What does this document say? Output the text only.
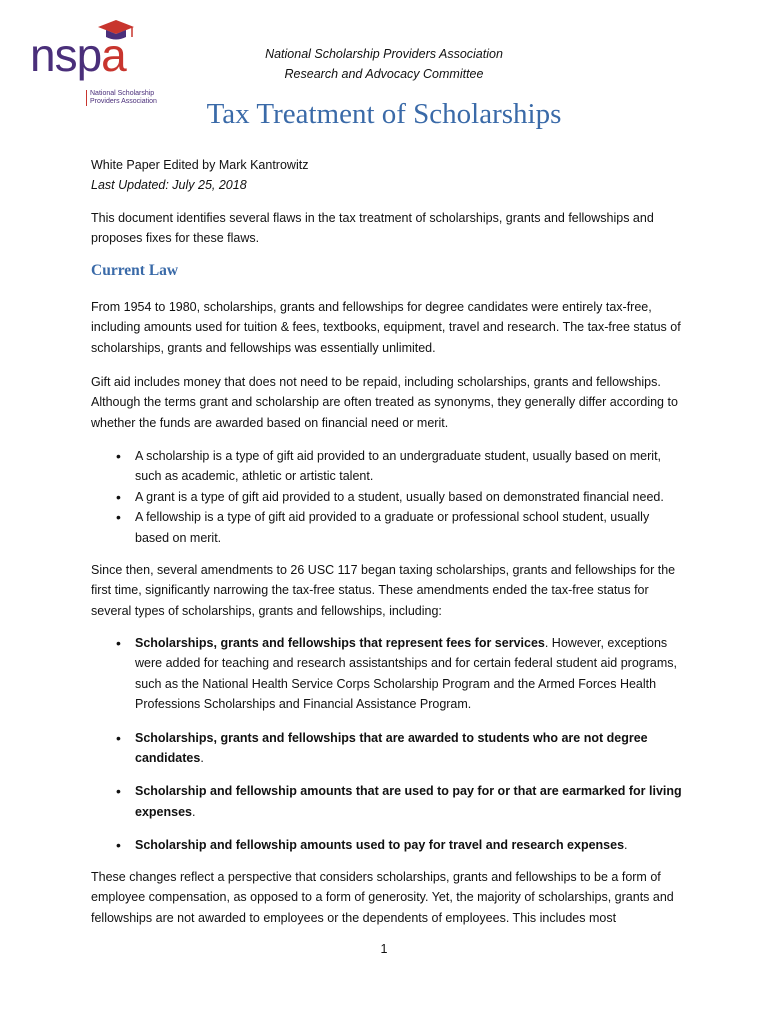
nspa
National Scholarship
Providers Association
National Scholarship Providers Association
Research and Advocacy Committee
Tax Treatment of Scholarships

White Paper Edited by Mark Kantrowitz

Last Updated: July 25, 2018

This document identifies several flaws in the tax treatment of scholarships, grants and fellowships and proposes fixes for these flaws.

Current Law

From 1954 to 1980, scholarships, grants and fellowships for degree candidates were entirely tax-free, including amounts used for tuition & fees, textbooks, equipment, travel and research. The tax-free status of scholarships, grants and fellowships was essentially unlimited.

Gift aid includes money that does not need to be repaid, including scholarships, grants and fellowships. Although the terms grant and scholarship are often treated as synonyms, they generally differ according to whether the funds are awarded based on financial need or merit.

• A scholarship is a type of gift aid provided to an undergraduate student, usually based on merit, such as academic, athletic or artistic talent.
• A grant is a type of gift aid provided to a student, usually based on demonstrated financial need.
• A fellowship is a type of gift aid provided to a graduate or professional school student, usually based on merit.

Since then, several amendments to 26 USC 117 began taxing scholarships, grants and fellowships for the first time, significantly narrowing the tax-free status. These amendments ended the tax-free status for several types of scholarships, grants and fellowships, including:

• Scholarships, grants and fellowships that represent fees for services. However, exceptions were added for teaching and research assistantships and for certain federal student aid programs, such as the National Health Service Corps Scholarship Program and the Armed Forces Health Professions Scholarships and Financial Assistance Program.
• Scholarships, grants and fellowships that are awarded to students who are not degree candidates.
• Scholarship and fellowship amounts that are used to pay for or that are earmarked for living expenses.
• Scholarship and fellowship amounts used to pay for travel and research expenses.

These changes reflect a perspective that considers scholarships, grants and fellowships to be a form of employee compensation, as opposed to a form of generosity. Yet, the majority of scholarships, grants and fellowships are not awarded to employees or the dependents of employees. This includes most

1
